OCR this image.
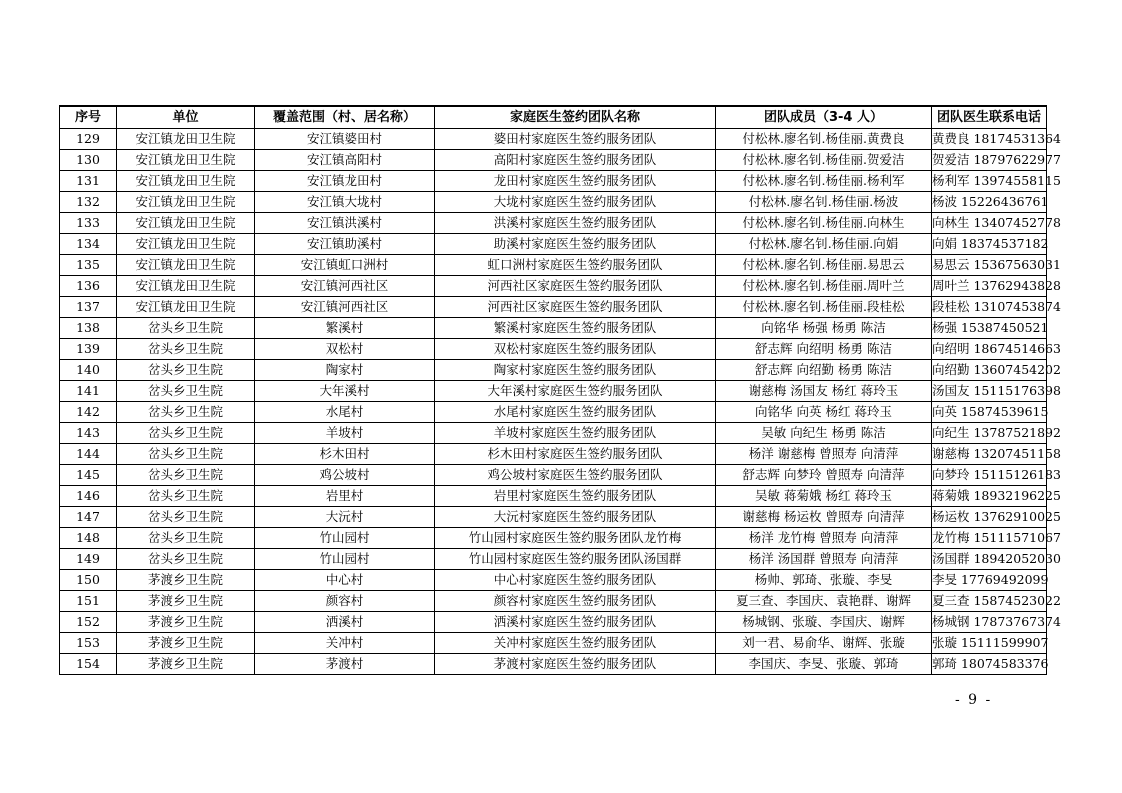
序号	单位	覆盖范围（村、居名称）	家庭医生签约团队名称	团队成员（3-4 人）	团队医生联系电话
129	安江镇龙田卫生院	安江镇婆田村	婆田村家庭医生签约服务团队	付松林.廖名钊.杨佳丽.黄费良	黄费良 18174531364
130	安江镇龙田卫生院	安江镇高阳村	高阳村家庭医生签约服务团队	付松林.廖名钊.杨佳丽.贺爱洁	贺爱洁 18797622977
131	安江镇龙田卫生院	安江镇龙田村	龙田村家庭医生签约服务团队	付松林.廖名钊.杨佳丽.杨利军	杨利军 13974558115
132	安江镇龙田卫生院	安江镇大垅村	大垅村家庭医生签约服务团队	付松林.廖名钊.杨佳丽.杨波	杨波 15226436761
133	安江镇龙田卫生院	安江镇洪溪村	洪溪村家庭医生签约服务团队	付松林.廖名钊.杨佳丽.向林生	向林生 13407452778
134	安江镇龙田卫生院	安江镇助溪村	助溪村家庭医生签约服务团队	付松林.廖名钊.杨佳丽.向娟	向娟 18374537182
135	安江镇龙田卫生院	安江镇虹口洲村	虹口洲村家庭医生签约服务团队	付松林.廖名钊.杨佳丽.易思云	易思云 15367563031
136	安江镇龙田卫生院	安江镇河西社区	河西社区家庭医生签约服务团队	付松林.廖名钊.杨佳丽.周叶兰	周叶兰 13762943828
137	安江镇龙田卫生院	安江镇河西社区	河西社区家庭医生签约服务团队	付松林.廖名钊.杨佳丽.段桂松	段桂松 13107453874
138	岔头乡卫生院	繁溪村	繁溪村家庭医生签约服务团队	向铭华 杨强 杨勇 陈洁	杨强 15387450521
139	岔头乡卫生院	双松村	双松村家庭医生签约服务团队	舒志辉 向绍明 杨勇 陈洁	向绍明 18674514663
140	岔头乡卫生院	陶家村	陶家村家庭医生签约服务团队	舒志辉 向绍勤 杨勇 陈洁	向绍勤 13607454202
141	岔头乡卫生院	大年溪村	大年溪村家庭医生签约服务团队	谢慈梅 汤国友 杨红 蒋玲玉	汤国友 15115176398
142	岔头乡卫生院	水尾村	水尾村家庭医生签约服务团队	向铭华 向英 杨红 蒋玲玉	向英 15874539615
143	岔头乡卫生院	羊坡村	羊坡村家庭医生签约服务团队	吴敏 向纪生 杨勇 陈洁	向纪生 13787521892
144	岔头乡卫生院	杉木田村	杉木田村家庭医生签约服务团队	杨洋 谢慈梅 曾照寿 向清萍	谢慈梅 13207451158
145	岔头乡卫生院	鸡公坡村	鸡公坡村家庭医生签约服务团队	舒志辉 向梦玲 曾照寿 向清萍	向梦玲 15115126183
146	岔头乡卫生院	岩里村	岩里村家庭医生签约服务团队	吴敏 蒋菊娥 杨红 蒋玲玉	蒋菊娥 18932196225
147	岔头乡卫生院	大沅村	大沅村家庭医生签约服务团队	谢慈梅 杨运枚 曾照寿 向清萍	杨运枚 13762910025
148	岔头乡卫生院	竹山园村	竹山园村家庭医生签约服务团队龙竹梅	杨洋 龙竹梅 曾照寿 向清萍	龙竹梅 15111571067
149	岔头乡卫生院	竹山园村	竹山园村家庭医生签约服务团队汤国群	杨洋 汤国群 曾照寿 向清萍	汤国群 18942052030
150	茅渡乡卫生院	中心村	中心村家庭医生签约服务团队	杨帅、郭琦、张璇、李旻	李旻 17769492099
151	茅渡乡卫生院	颜容村	颜容村家庭医生签约服务团队	夏三查、李国庆、袁艳群、谢辉	夏三查 15874523022
152	茅渡乡卫生院	洒溪村	洒溪村家庭医生签约服务团队	杨城钢、张璇、李国庆、谢辉	杨城钢 17873767374
153	茅渡乡卫生院	关冲村	关冲村家庭医生签约服务团队	刘一君、易俞华、谢辉、张璇	张璇 15111599907
154	茅渡乡卫生院	茅渡村	茅渡村家庭医生签约服务团队	李国庆、李旻、张璇、郭琦	郭琦 18074583376
- 9 -
